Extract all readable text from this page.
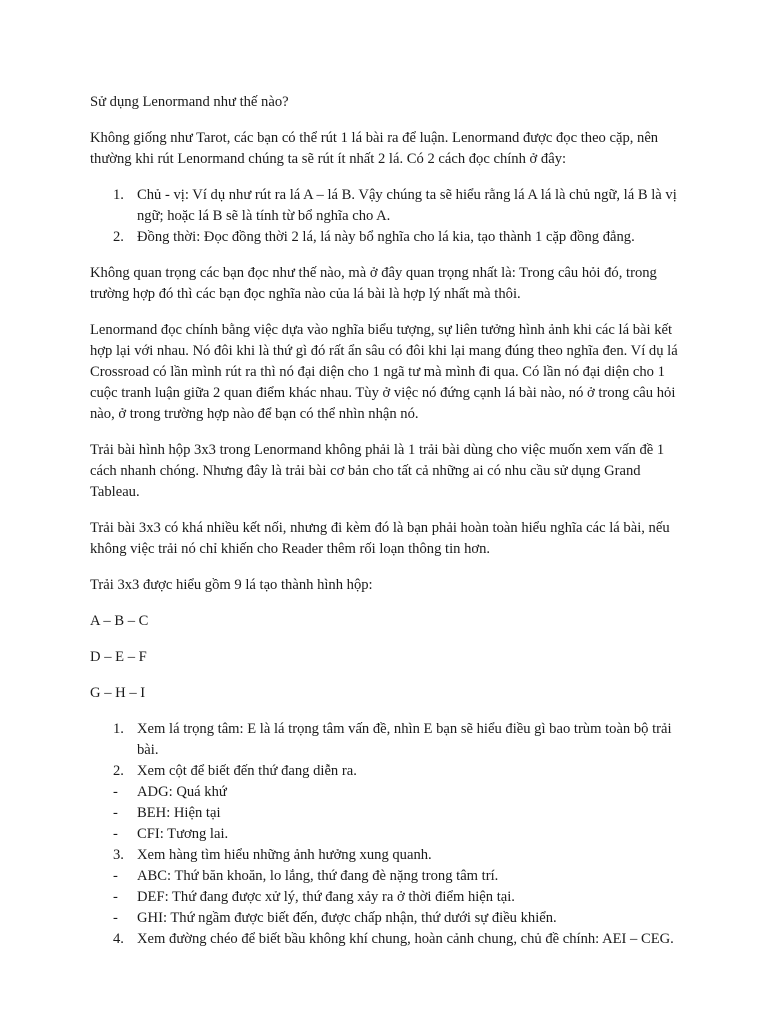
Sử dụng Lenormand như thế nào?

Không giống như Tarot, các bạn có thể rút 1 lá bài ra để luận. Lenormand được đọc theo cặp, nên thường khi rút Lenormand chúng ta sẽ rút ít nhất 2 lá. Có 2 cách đọc chính ở đây:

1. Chủ - vị: Ví dụ như rút ra lá A – lá B. Vậy chúng ta sẽ hiểu rằng lá A lá là chủ ngữ, lá B là vị ngữ; hoặc lá B sẽ là tính từ bổ nghĩa cho A.
2. Đồng thời: Đọc đồng thời 2 lá, lá này bổ nghĩa cho lá kia, tạo thành 1 cặp đồng đẳng.

Không quan trọng các bạn đọc như thế nào, mà ở đây quan trọng nhất là: Trong câu hỏi đó, trong trường hợp đó thì các bạn đọc nghĩa nào của lá bài là hợp lý nhất mà thôi.

Lenormand đọc chính bằng việc dựa vào nghĩa biểu tượng, sự liên tưởng hình ảnh khi các lá bài kết hợp lại với nhau. Nó đôi khi là thứ gì đó rất ẩn sâu có đôi khi lại mang đúng theo nghĩa đen. Ví dụ lá Crossroad có lần mình rút ra thì nó đại diện cho 1 ngã tư mà mình đi qua. Có lần nó đại diện cho 1 cuộc tranh luận giữa 2 quan điểm khác nhau. Tùy ở việc nó đứng cạnh lá bài nào, nó ở trong câu hỏi nào, ở trong trường hợp nào để bạn có thể nhìn nhận nó.

Trải bài hình hộp 3x3 trong Lenormand không phải là 1 trải bài dùng cho việc muốn xem vấn đề 1 cách nhanh chóng. Nhưng đây là trải bài cơ bản cho tất cả những ai có nhu cầu sử dụng Grand Tableau.

Trải bài 3x3 có khá nhiều kết nối, nhưng đi kèm đó là bạn phải hoàn toàn hiểu nghĩa các lá bài, nếu không việc trải nó chỉ khiến cho Reader thêm rối loạn thông tin hơn.

Trải 3x3 được hiểu gồm 9 lá tạo thành hình hộp:

A – B – C

D – E – F

G – H – I

1. Xem lá trọng tâm: E là lá trọng tâm vấn đề, nhìn E bạn sẽ hiểu điều gì bao trùm toàn bộ trải bài.
2. Xem cột để biết đến thứ đang diễn ra.
- ADG: Quá khứ
- BEH: Hiện tại
- CFI: Tương lai.
3. Xem hàng tìm hiểu những ảnh hưởng xung quanh.
- ABC: Thứ băn khoăn, lo lắng, thứ đang đè nặng trong tâm trí.
- DEF: Thứ đang được xử lý, thứ đang xảy ra ở thời điểm hiện tại.
- GHI: Thứ ngầm được biết đến, được chấp nhận, thứ dưới sự điều khiển.
4. Xem đường chéo để biết bầu không khí chung, hoàn cảnh chung, chủ đề chính: AEI – CEG.
